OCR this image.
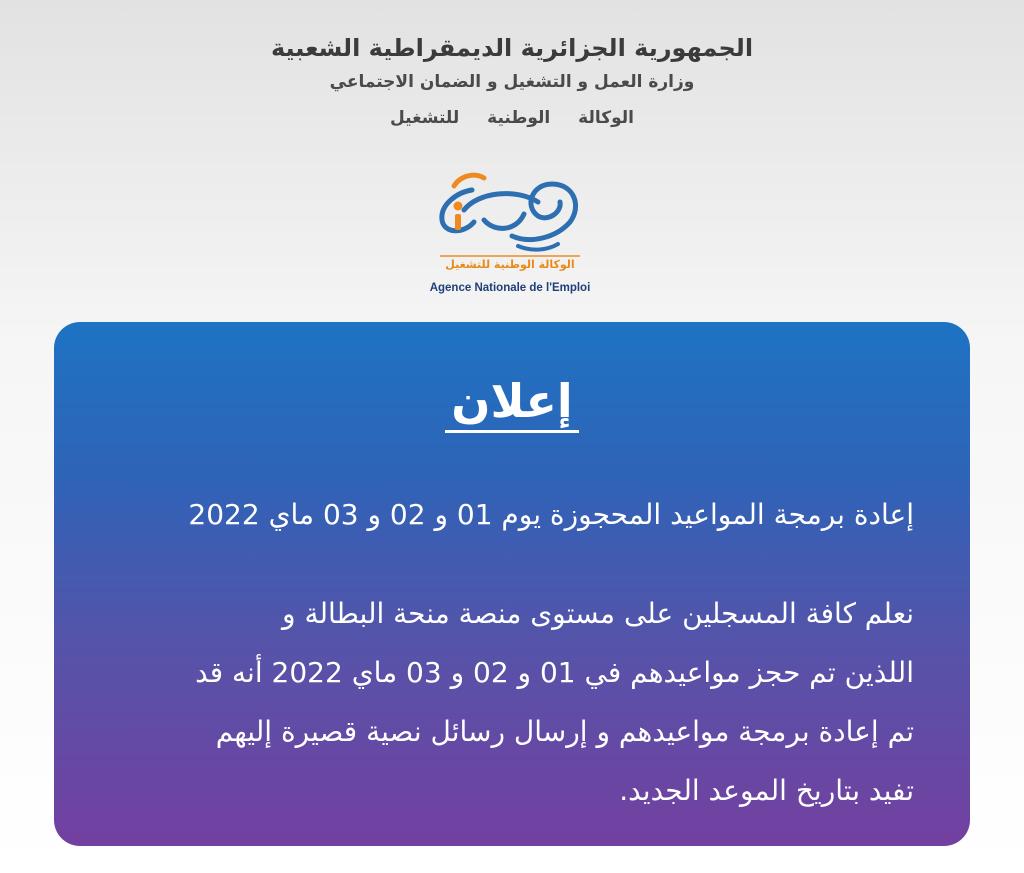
الجمهورية الجزائرية الديمقراطية الشعبية
وزارة العمل و التشغيل و الضمان الاجتماعي
الوكالة الوطنية للتشغيل
الوكالة الوطنية للتشغيل
Agence Nationale de l'Emploi
إعلان
إعادة برمجة المواعيد المحجوزة يوم 01 و 02 و 03 ماي 2022
نعلم كافة المسجلين على مستوى منصة منحة البطالة و
اللذين تم حجز مواعيدهم في 01 و 02 و 03 ماي 2022 أنه قد
تم إعادة برمجة مواعيدهم و إرسال رسائل نصية قصيرة إليهم
تفيد بتاريخ الموعد الجديد.
